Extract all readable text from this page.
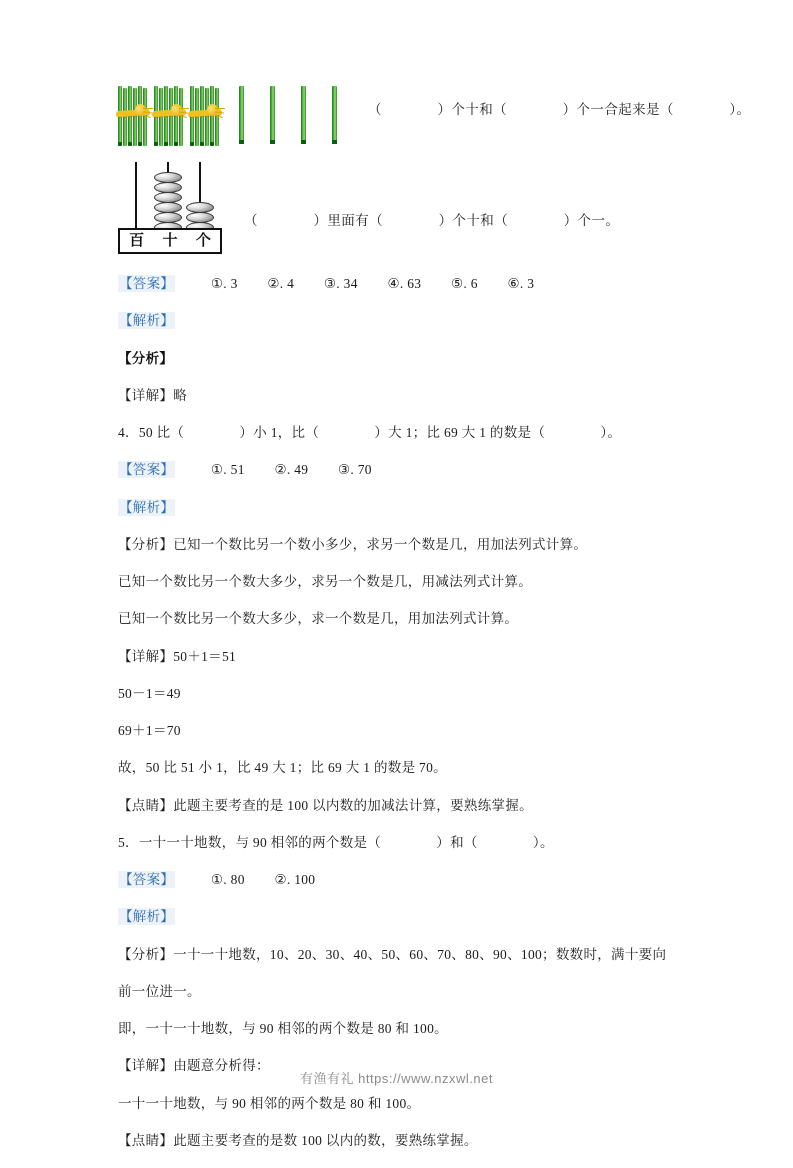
（　　　　）个十和（　　　　）个一合起来是（　　　　）。
百 十 个
（　　　　）里面有（　　　　）个十和（　　　　）个一。
【答案】	①. 3 ②. 4 ③. 34 ④. 63 ⑤. 6 ⑥. 3
【解析】
【分析】
【详解】略
4．50 比（　　　　）小 1，比（　　　　）大 1；比 69 大 1 的数是（　　　　）。
【答案】	①. 51 ②. 49 ③. 70
【解析】
【分析】已知一个数比另一个数小多少，求另一个数是几，用加法列式计算。
已知一个数比另一个数大多少，求另一个数是几，用减法列式计算。
已知一个数比另一个数大多少，求一个数是几，用加法列式计算。
【详解】50＋1＝51
50－1＝49
69＋1＝70
故，50 比 51 小 1，比 49 大 1；比 69 大 1 的数是 70。
【点睛】此题主要考查的是 100 以内数的加减法计算，要熟练掌握。
5．一十一十地数，与 90 相邻的两个数是（　　　　）和（　　　　）。
【答案】	①. 80 ②. 100
【解析】
【分析】一十一十地数，10、20、30、40、50、60、70、80、90、100；数数时，满十要向
前一位进一。
即，一十一十地数，与 90 相邻的两个数是 80 和 100。
【详解】由题意分析得：
一十一十地数，与 90 相邻的两个数是 80 和 100。
【点睛】此题主要考查的是数 100 以内的数，要熟练掌握。
有渔有礼 https://www.nzxwl.net
